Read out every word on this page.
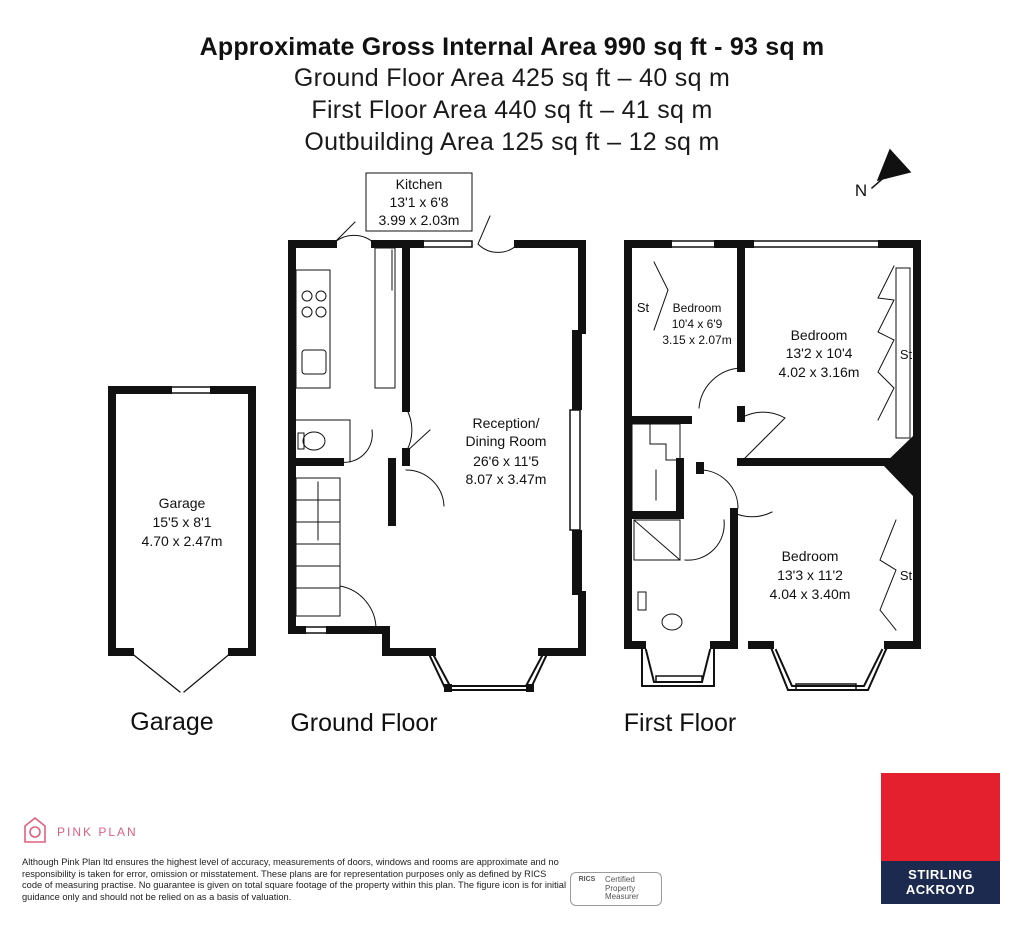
Approximate Gross Internal Area 990 sq ft - 93 sq m
Ground Floor Area 425 sq ft – 40 sq m
First Floor Area 440 sq ft – 41 sq m
Outbuilding Area 125 sq ft – 12 sq m
Kitchen
13'1 x 6'8
3.99 x 2.03m
Reception/
Dining Room
26'6 x 11'5
8.07 x 3.47m
Garage
15'5 x 8'1
4.70 x 2.47m
Bedroom
10'4 x 6'9
3.15 x 2.07m	Bedroom
13'2 x 10'4
4.02 x 3.16m
Bedroom
13'3 x 11'2
4.04 x 3.40m
St
St
St
N
Garage	Ground Floor	First Floor
PINK PLAN
Although Pink Plan ltd ensures the highest level of accuracy, measurements of doors, windows and rooms are approximate and no responsibility is taken for error, omission or misstatement. These plans are for representation purposes only as defined by RICS code of measuring practise. No guarantee is given on total square footage of the property within this plan. The figure icon is for initial guidance only and should not be relied on as a basis of valuation.
RICS	Certified
Property
Measurer
STIRLING
ACKROYD
